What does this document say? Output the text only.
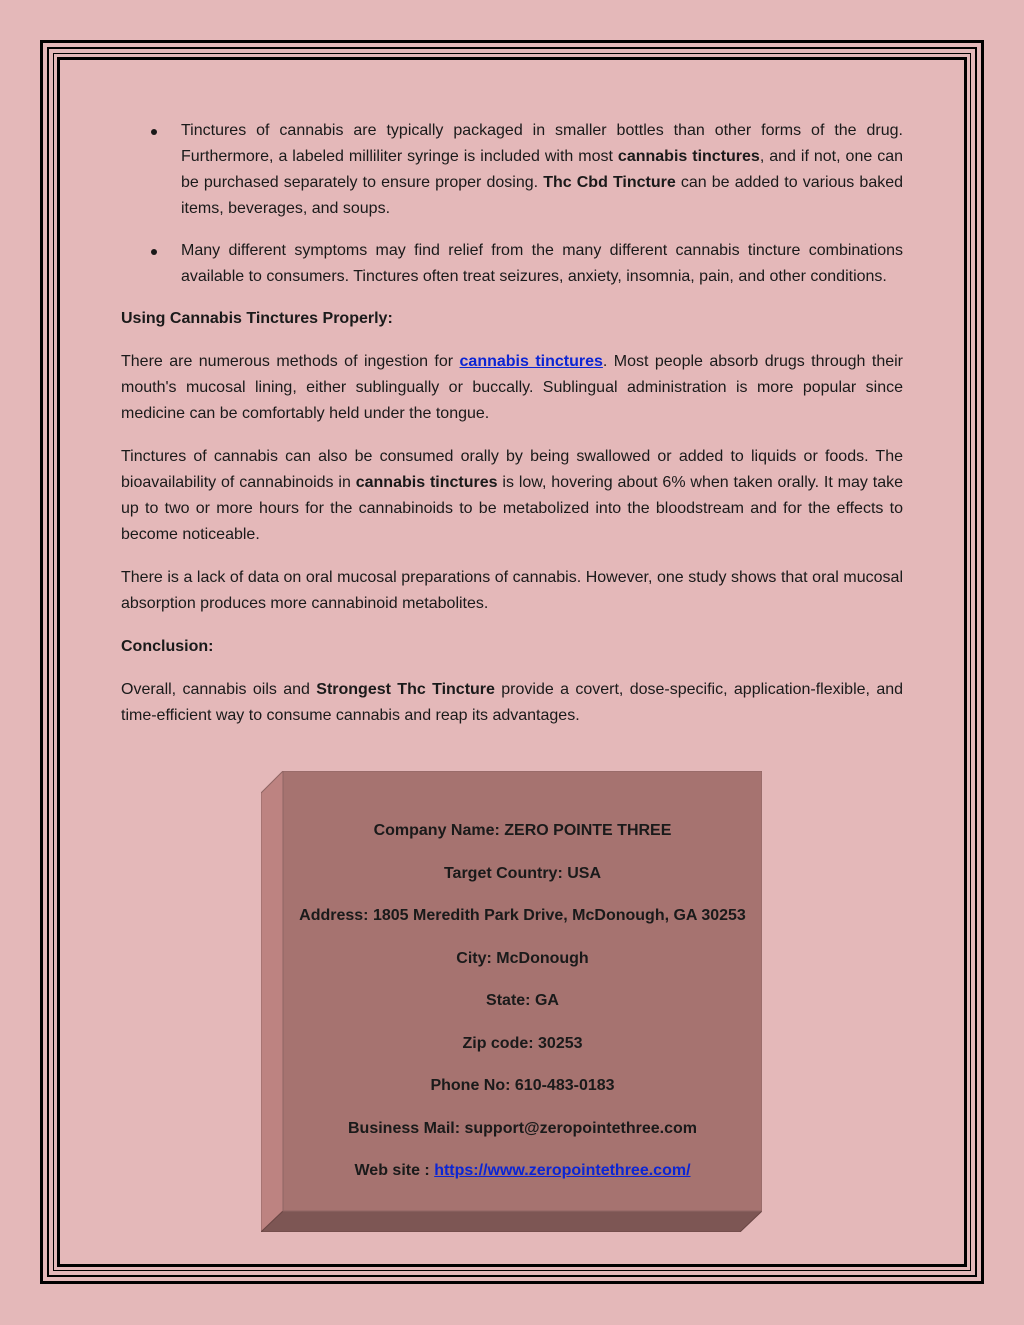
Tinctures of cannabis are typically packaged in smaller bottles than other forms of the drug. Furthermore, a labeled milliliter syringe is included with most cannabis tinctures, and if not, one can be purchased separately to ensure proper dosing. Thc Cbd Tincture can be added to various baked items, beverages, and soups.
Many different symptoms may find relief from the many different cannabis tincture combinations available to consumers. Tinctures often treat seizures, anxiety, insomnia, pain, and other conditions.

Using Cannabis Tinctures Properly:

There are numerous methods of ingestion for cannabis tinctures. Most people absorb drugs through their mouth's mucosal lining, either sublingually or buccally. Sublingual administration is more popular since medicine can be comfortably held under the tongue.

Tinctures of cannabis can also be consumed orally by being swallowed or added to liquids or foods. The bioavailability of cannabinoids in cannabis tinctures is low, hovering about 6% when taken orally. It may take up to two or more hours for the cannabinoids to be metabolized into the bloodstream and for the effects to become noticeable.

There is a lack of data on oral mucosal preparations of cannabis. However, one study shows that oral mucosal absorption produces more cannabinoid metabolites.

Conclusion:

Overall, cannabis oils and Strongest Thc Tincture provide a covert, dose-specific, application-flexible, and time-efficient way to consume cannabis and reap its advantages.

Company Name: ZERO POINTE THREE
Target Country: USA
Address: 1805 Meredith Park Drive, McDonough, GA 30253
City: McDonough
State: GA
Zip code: 30253
Phone No: 610-483-0183
Business Mail: support@zeropointethree.com
Web site : https://www.zeropointethree.com/
